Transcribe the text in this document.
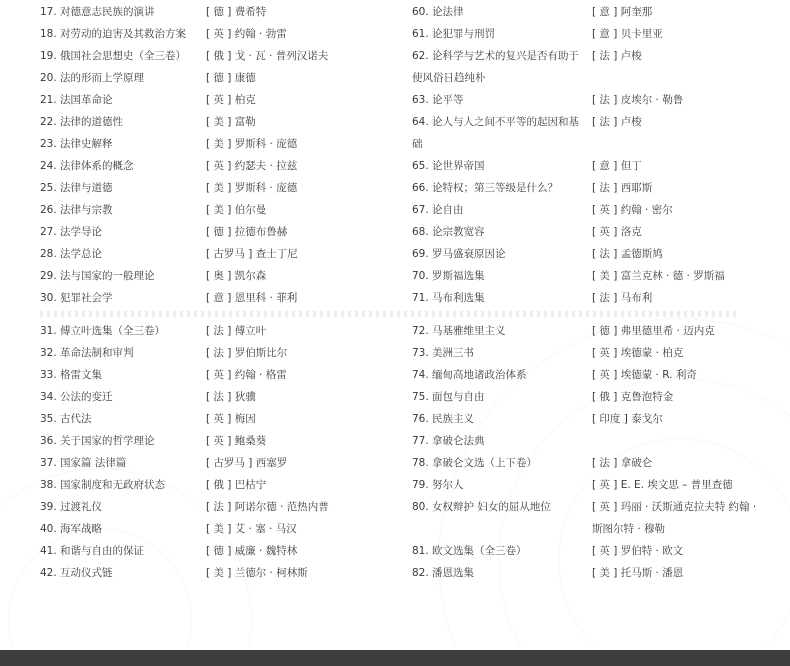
17. 对德意志民族的演讲	[ 德 ] 费希特
18. 对劳动的迫害及其救治方案	[ 英 ] 约翰 · 勃雷
19. 俄国社会思想史（全三卷）	[ 俄 ] 戈 · 瓦 · 普列汉诺夫
20. 法的形而上学原理	[ 德 ] 康德
21. 法国革命论	[ 英 ] 柏克
22. 法律的道德性	[ 美 ] 富勒
23. 法律史解释	[ 美 ] 罗斯科 · 庞德
24. 法律体系的概念	[ 英 ] 约瑟夫 · 拉兹
25. 法律与道德	[ 美 ] 罗斯科 · 庞德
26. 法律与宗教	[ 美 ] 伯尔曼
27. 法学导论	[ 德 ] 拉德布鲁赫
28. 法学总论	[ 古罗马 ] 查士丁尼
29. 法与国家的一般理论	[ 奥 ] 凯尔森
30. 犯罪社会学	[ 意 ] 恩里科 · 菲利
31. 傅立叶选集（全三卷）	[ 法 ] 傅立叶
32. 革命法制和审判	[ 法 ] 罗伯斯比尔
33. 格雷文集	[ 英 ] 约翰 · 格雷
34. 公法的变迁	[ 法 ] 狄骥
35. 古代法	[ 英 ] 梅因
36. 关于国家的哲学理论	[ 英 ] 鲍桑葵
37. 国家篇 法律篇	[ 古罗马 ] 西塞罗
38. 国家制度和无政府状态	[ 俄 ] 巴枯宁
39. 过渡礼仪	[ 法 ] 阿诺尔德 · 范热内普
40. 海军战略	[ 美 ] 艾 · 塞 · 马汉
41. 和谐与自由的保证	[ 德 ] 威廉 · 魏特林
42. 互动仪式链	[ 美 ] 兰德尔 · 柯林斯
60. 论法律	[ 意 ] 阿奎那
61. 论犯罪与刑罚	[ 意 ] 贝卡里亚
62. 论科学与艺术的复兴是否有助于使风俗日趋纯朴
[ 法 ] 卢梭
63. 论平等	[ 法 ] 皮埃尔 · 勒鲁
64. 论人与人之间不平等的起因和基础
[ 法 ] 卢梭
65. 论世界帝国	[ 意 ] 但丁
66. 论特权；第三等级是什么？	[ 法 ] 西耶斯
67. 论自由	[ 英 ] 约翰 · 密尔
68. 论宗教宽容	[ 英 ] 洛克
69. 罗马盛衰原因论	[ 法 ] 孟德斯鸠
70. 罗斯福选集	[ 美 ] 富兰克林 · 德 · 罗斯福
71. 马布利选集	[ 法 ] 马布利
72. 马基雅维里主义	[ 德 ] 弗里德里希 · 迈内克
73. 美洲三书	[ 英 ] 埃德蒙 · 柏克
74. 缅甸高地诸政治体系	[ 英 ] 埃德蒙 · R. 利奇
75. 面包与自由	[ 俄 ] 克鲁泡特金
76. 民族主义	[ 印度 ] 泰戈尔
77. 拿破仑法典
78. 拿破仑文选（上下卷）	[ 法 ] 拿破仑
79. 努尔人	[ 英 ] E. E. 埃文思 – 普里查德
80. 女权辩护 妇女的屈从地位	[ 英 ] 玛丽 · 沃斯通克拉夫特 约翰 · 斯图尔特 · 穆勒
81. 欧文选集（全三卷）	[ 英 ] 罗伯特 · 欧文
82. 潘恩选集	[ 美 ] 托马斯 · 潘恩
